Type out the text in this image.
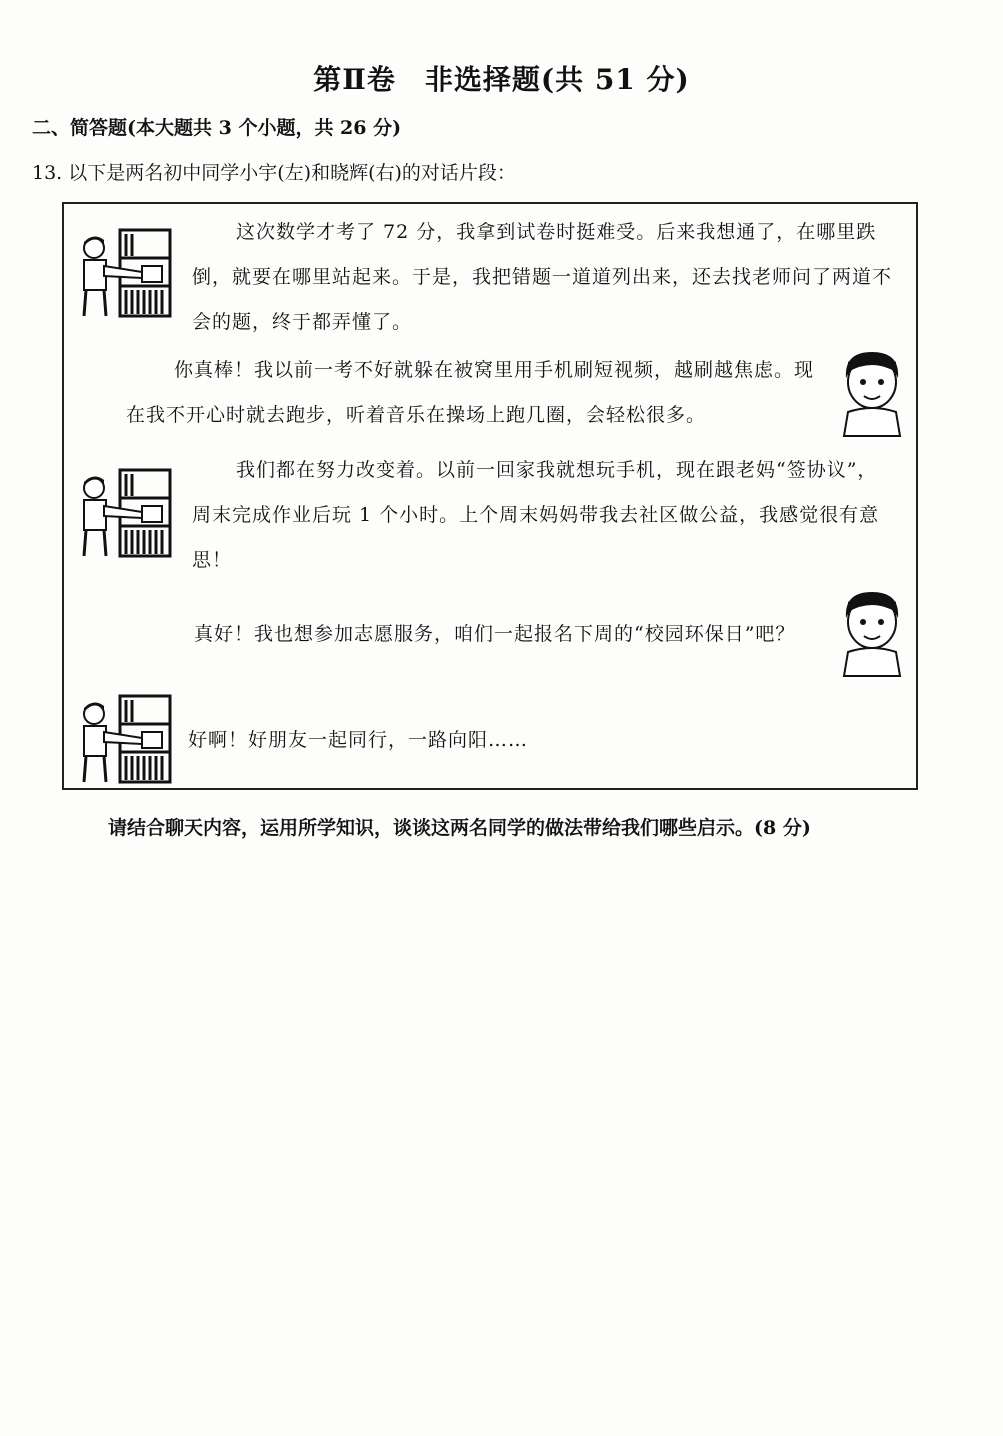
第Ⅱ卷　非选择题(共 51 分)
二、简答题(本大题共 3 个小题，共 26 分)
13. 以下是两名初中同学小宇(左)和晓辉(右)的对话片段：
这次数学才考了 72 分，我拿到试卷时挺难受。后来我想通了，在哪里跌倒，就要在哪里站起来。于是，我把错题一道道列出来，还去找老师问了两道不会的题，终于都弄懂了。
你真棒！我以前一考不好就躲在被窝里用手机刷短视频，越刷越焦虑。现在我不开心时就去跑步，听着音乐在操场上跑几圈，会轻松很多。
我们都在努力改变着。以前一回家我就想玩手机，现在跟老妈“签协议”，周末完成作业后玩 1 个小时。上个周末妈妈带我去社区做公益，我感觉很有意思！
真好！我也想参加志愿服务，咱们一起报名下周的“校园环保日”吧？
好啊！好朋友一起同行，一路向阳……
请结合聊天内容，运用所学知识，谈谈这两名同学的做法带给我们哪些启示。(8 分)
